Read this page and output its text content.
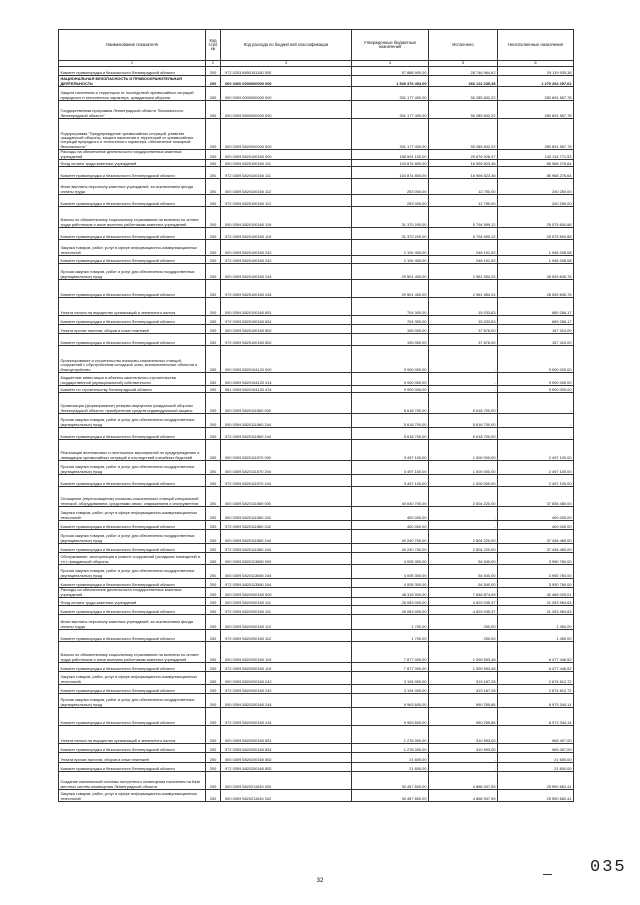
Наименование показателя	Код стро ки	Код расхода по бюджетной классификации	Утвержденные бюджетные назначения	Исполнено	Неисполненные назначения
1	2	3	4	5	6
Комитет правопорядка и безопасности Ленинградской области	200	972 0203 6890151180 530	57 888 900,00	28 746 964,62	29 119 935,38
НАЦИОНАЛЬНАЯ БЕЗОПАСНОСТЬ И ПРАВООХРАНИТЕЛЬНАЯ ДЕЯТЕЛЬНОСТЬ	200	000 0300 0000000000 000	1 545 376 493,00	266 122 235,38	1 279 254 257,62
Защита населения и территории от последствий чрезвычайных ситуаций природного и техногенного характера, гражданская оборона	200	000 0309 0000000000 000	331 177 400,00	50 285 832,22	280 891 567,78
Государственная программа Ленинградской области "Безопасность Ленинградской области"	200	000 0309 5800000000 000	331 177 400,00	50 285 832,22	280 891 567,78
Подпрограмма "Предупреждение чрезвычайных ситуаций, развитие гражданской обороны, защита населения и территорий от чрезвычайных ситуаций природного и техногенного характера, обеспечение пожарной безопасности"	200	000 0309 5820000000 000	331 177 400,00	50 285 832,22	280 891 567,78
Расходы на обеспечение деятельности государственных казенных учреждений	200	000 0309 5820100160 000	168 591 100,00	25 676 928,47	142 114 771,53
Фонд оплаты труда казенных учреждений	200	000 0309 5820100160 111	103 874 800,00	16 906 523,36	86 968 276,64
Комитет правопорядка и безопасности Ленинградской области	200	972 0309 5820100160 111	103 874 800,00	16 906 523,36	86 968 276,64
Иные выплаты персоналу казенных учреждений, за исключением фонда оплаты труда	200	000 0309 5820100160 112	253 000,00	12 750,00	240 250,00
Комитет правопорядка и безопасности Ленинградской области	200	972 0309 5820100160 112	253 000,00	12 750,00	240 250,00
Взносы по обязательному социальному страхованию на выплаты по оплате труда работников и иные выплаты работникам казенных учреждений	200	000 0309 5820100160 119	31 370 200,00	5 794 599,12	25 575 600,88
Комитет правопорядка и безопасности Ленинградской области	200	972 0309 5820100160 119	31 370 200,00	5 794 599,12	25 575 600,88
Закупка товаров, работ, услуг в сфере информационно-коммуникационных технологий	200	000 0309 5820100160 242	2 192 400,00	246 191,92	1 946 208,08
Комитет правопорядка и безопасности Ленинградской области	200	972 0309 5820100160 242	2 192 400,00	246 191,92	1 946 208,08
Прочая закупка товаров, работ и услуг для обеспечения государственных (муниципальных) нужд	200	000 0309 5820100160 244	29 501 400,00	2 961 554,24	26 539 845,76
Комитет правопорядка и безопасности Ленинградской области	200	972 0309 5820100160 244	29 501 400,00	2 961 554,24	26 539 845,76
Уплата налога на имущество организаций и земельного налога	200	000 0309 5820100160 851	704 300,00	15 033,83	689 266,17
Комитет правопорядка и безопасности Ленинградской области	200	972 0309 5820100160 851	704 300,00	15 033,83	689 266,17
Уплата прочих налогов, сборов и иных платежей	200	000 0309 5820100160 852	195 000,00	37 676,00	157 324,00
Комитет правопорядка и безопасности Ленинградской области	200	972 0309 5820100160 852	195 000,00	37 676,00	157 324,00
Проектирование и строительство поисково-спасательных станций, сооружений с обустройством складской зоны, вспомогательных объектов и благоустройство	200	000 0309 5820104120 000	9 900 000,00	-	9 900 000,00
Бюджетные инвестиции в объекты капитального строительства государственной (муниципальной) собственности	200	000 0309 5820104120 414	9 900 000,00	-	9 900 000,00
Комитет по строительству Ленинградской области	200	961 0309 5820104120 414	9 900 000,00	-	9 900 000,00
Организация (формирование) резерва имущества гражданской обороны Ленинградской области, приобретение средств индивидуальной защиты	200	000 0309 5820111560 000	5 618 700,00	5 618 700,00	-
Прочая закупка товаров, работ и услуг для обеспечения государственных (муниципальных) нужд	200	000 0309 5820111560 244	5 618 700,00	5 618 700,00	-
Комитет правопорядка и безопасности Ленинградской области	200	972 0309 5820111560 244	5 618 700,00	5 618 700,00	-
Реализация внеплановых и неотложных мероприятий по предупреждению и ликвидации чрезвычайных ситуаций и последствий стихийных бедствий	200	000 0309 5820111570 000	3 497 100,00	1 000 000,00	2 497 100,00
Прочая закупка товаров, работ и услуг для обеспечения государственных (муниципальных) нужд	200	000 0309 5820111570 244	3 497 100,00	1 000 000,00	2 497 100,00
Комитет правопорядка и безопасности Ленинградской области	200	972 0309 5820111570 244	3 497 100,00	1 000 000,00	2 497 100,00
Оснащение (переоснащение) поисково-спасательных станций специальной техникой, оборудованием, средствами связи, снаряжением и инструментом	200	000 0309 5820111580 000	40 640 700,00	2 804 220,00	37 836 480,00
Закупка товаров, работ, услуг в сфере информационно-коммуникационных технологий	200	000 0309 5820111580 242	400 000,00	-	400 000,00
Комитет правопорядка и безопасности Ленинградской области	200	972 0309 5820111580 242	400 000,00	-	400 000,00
Прочая закупка товаров, работ и услуг для обеспечения государственных (муниципальных) нужд	200	000 0309 5820111580 244	40 240 700,00	2 804 220,00	37 436 480,00
Комитет правопорядка и безопасности Ленинградской области	200	972 0309 5820111580 244	40 240 700,00	2 804 220,00	37 436 480,00
Обслуживание, эксплуатация и ремонт сооружений (складских помещений и т.п.) гражданской обороны	200	000 0309 5820113580 000	4 005 300,00	54 540,00	3 950 760,00
Прочая закупка товаров, работ и услуг для обеспечения государственных (муниципальных) нужд	200	000 0309 5820113580 244	4 005 300,00	54 540,00	3 950 760,00
Комитет правопорядка и безопасности Ленинградской области	200	972 0309 5820113580 244	4 005 300,00	54 540,00	3 950 760,00
Расходы на обеспечение деятельности государственных казенных учреждений	200	000 0309 5820200160 000	48 316 900,00	7 848 874,99	40 468 025,01
Фонд оплаты труда казенных учреждений	200	000 0309 5820200160 111	26 083 000,00	4 829 035,37	21 253 964,63
Комитет правопорядка и безопасности Ленинградской области	200	972 0309 5820200160 111	26 083 000,00	4 829 035,37	21 253 964,63
Иные выплаты персоналу казенных учреждений, за исключением фонда оплаты труда	200	000 0309 5820200160 112	1 700,00	250,00	1 450,00
Комитет правопорядка и безопасности Ленинградской области	200	972 0309 5820200160 112	1 700,00	250,00	1 450,00
Взносы по обязательному социальному страхованию на выплаты по оплате труда работников и иные выплаты работникам казенных учреждений	200	000 0309 5820200160 119	7 877 000,00	1 399 553,48	6 477 446,52
Комитет правопорядка и безопасности Ленинградской области	200	972 0309 5820200160 119	7 877 000,00	1 399 553,48	6 477 446,52
Закупка товаров, работ, услуг в сфере информационно-коммуникационных технологий	200	000 0309 5820200160 242	3 194 000,00	319 187,28	2 874 812,72
Комитет правопорядка и безопасности Ленинградской области	200	972 0309 5820200160 242	3 194 000,00	319 187,28	2 874 812,72
Прочая закупка товаров, работ и услуг для обеспечения государственных (муниципальных) нужд	200	000 0309 5820200160 244	9 963 600,00	990 255,86	8 973 344,14
Комитет правопорядка и безопасности Ленинградской области	200	972 0309 5820200160 244	9 963 600,00	990 255,86	8 973 344,14
Уплата налога на имущество организаций и земельного налога	200	000 0309 5820200160 851	1 276 000,00	310 593,00	965 407,00
Комитет правопорядка и безопасности Ленинградской области	200	972 0309 5820200160 851	1 276 000,00	310 593,00	965 407,00
Уплата прочих налогов, сборов и иных платежей	200	000 0309 5820200160 852	21 600,00	-	21 600,00
Комитет правопорядка и безопасности Ленинградской области	200	972 0309 5820200160 852	21 600,00	-	21 600,00
Создание комплексной системы экстренного оповещения населения на базе местных систем оповещения Ленинградской области	200	000 0309 5820211540 000	30 457 600,00	4 866 937,59	25 590 662,41
Закупка товаров, работ, услуг в сфере информационно-коммуникационных технологий	200	000 0309 5820211540 242	30 457 600,00	4 866 937,59	25 590 662,41
32
035
